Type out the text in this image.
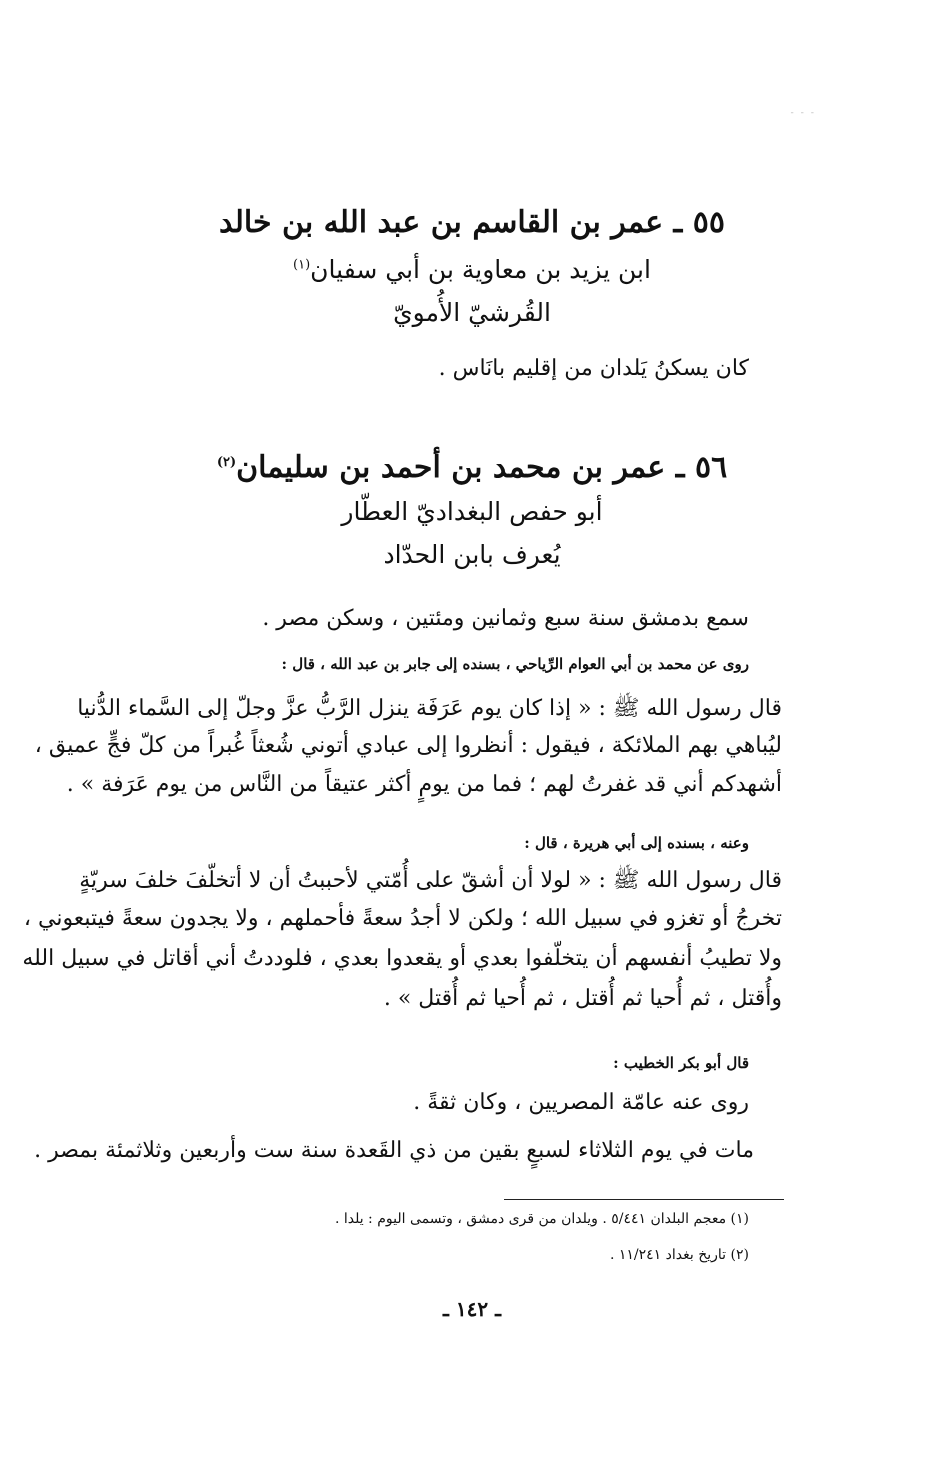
- - -
٥٥ ـ عمر بن القاسم بن عبد الله بن خالد
ابن يزيد بن معاوية بن أبي سفيان$^{(١)}$
القُرشيّ الأُمويّ
كان يسكنُ يَلدان من إقليم بانَاس .
٥٦ ـ عمر بن محمد بن أحمد بن سليمان$^{(٢)}$
أبو حفص البغداديّ العطّار
يُعرف بابن الحدّاد
سمع بدمشق سنة سبع وثمانين ومئتين ، وسكن مصر .
روى عن محمد بن أبي العوام الرِّياحي ، بسنده إلى جابر بن عبد الله ، قال :
قال رسول الله ﷺ : « إذا كان يوم عَرَفَة ينزل الرَّبُّ عزَّ وجلّ إلى السَّماء الدُّنيا
ليُباهي بهم الملائكة ، فيقول : أنظروا إلى عبادي أتوني شُعثاً غُبراً من كلّ فجٍّ عميق ،
أشهدكم أني قد غفرتُ لهم ؛ فما من يومٍ أكثر عتيقاً من النَّاس من يوم عَرَفة » .
وعنه ، بسنده إلى أبي هريرة ، قال :
قال رسول الله ﷺ : « لولا أن أشقّ على أُمّتي لأحببتُ أن لا أتخلّفَ خلفَ سريّةٍ
تخرجُ أو تغزو في سبيل الله ؛ ولكن لا أجدُ سعةً فأحملهم ، ولا يجدون سعةً فيتبعوني ،
ولا تطيبُ أنفسهم أن يتخلّفوا بعدي أو يقعدوا بعدي ، فلوددتُ أني أقاتل في سبيل الله
وأُقتل ، ثم أُحيا ثم أُقتل ، ثم أُحيا ثم أُقتل » .
قال أبو بكر الخطيب :
روى عنه عامّة المصريين ، وكان ثقةً .
مات في يوم الثلاثاء لسبعٍ بقين من ذي القَعدة سنة ست وأربعين وثلاثمئة بمصر .
(١) معجم البلدان ٥/٤٤١ . ويلدان من قرى دمشق ، وتسمى اليوم : يلدا .
(٢) تاريخ بغداد ١١/٢٤١ .
ـ ١٤٢ ـ
